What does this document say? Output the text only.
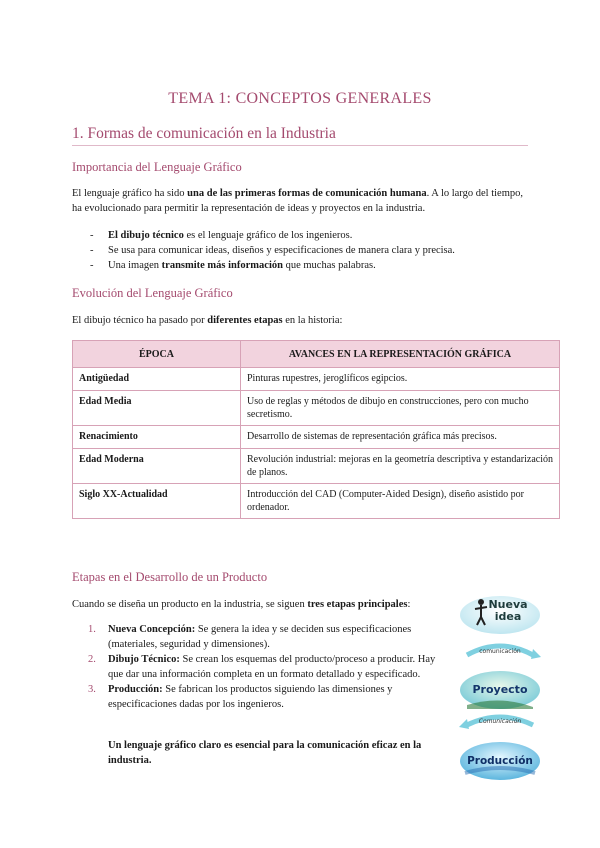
TEMA 1: CONCEPTOS GENERALES
1. Formas de comunicación en la Industria
Importancia del Lenguaje Gráfico
El lenguaje gráfico ha sido una de las primeras formas de comunicación humana. A lo largo del tiempo, ha evolucionado para permitir la representación de ideas y proyectos en la industria.
- El dibujo técnico es el lenguaje gráfico de los ingenieros.
- Se usa para comunicar ideas, diseños y especificaciones de manera clara y precisa.
- Una imagen transmite más información que muchas palabras.
Evolución del Lenguaje Gráfico
El dibujo técnico ha pasado por diferentes etapas en la historia:
ÉPOCA	AVANCES EN LA REPRESENTACIÓN GRÁFICA
Antigüedad	Pinturas rupestres, jeroglíficos egipcios.
Edad Media	Uso de reglas y métodos de dibujo en construcciones, pero con mucho secretismo.
Renacimiento	Desarrollo de sistemas de representación gráfica más precisos.
Edad Moderna	Revolución industrial: mejoras en la geometría descriptiva y estandarización de planos.
Siglo XX-Actualidad	Introducción del CAD (Computer-Aided Design), diseño asistido por ordenador.
Etapas en el Desarrollo de un Producto
Cuando se diseña un producto en la industria, se siguen tres etapas principales:
1. Nueva Concepción: Se genera la idea y se deciden sus especificaciones (materiales, seguridad y dimensiones).
2. Dibujo Técnico: Se crean los esquemas del producto/proceso a producir. Hay que dar una información completa en un formato detallado y especificado.
3. Producción: Se fabrican los productos siguiendo las dimensiones y especificaciones dadas por los ingenieros.
Un lenguaje gráfico claro es esencial para la comunicación eficaz en la industria.
Nueva
idea
comunicación
Proyecto
Comunicación
Producción
